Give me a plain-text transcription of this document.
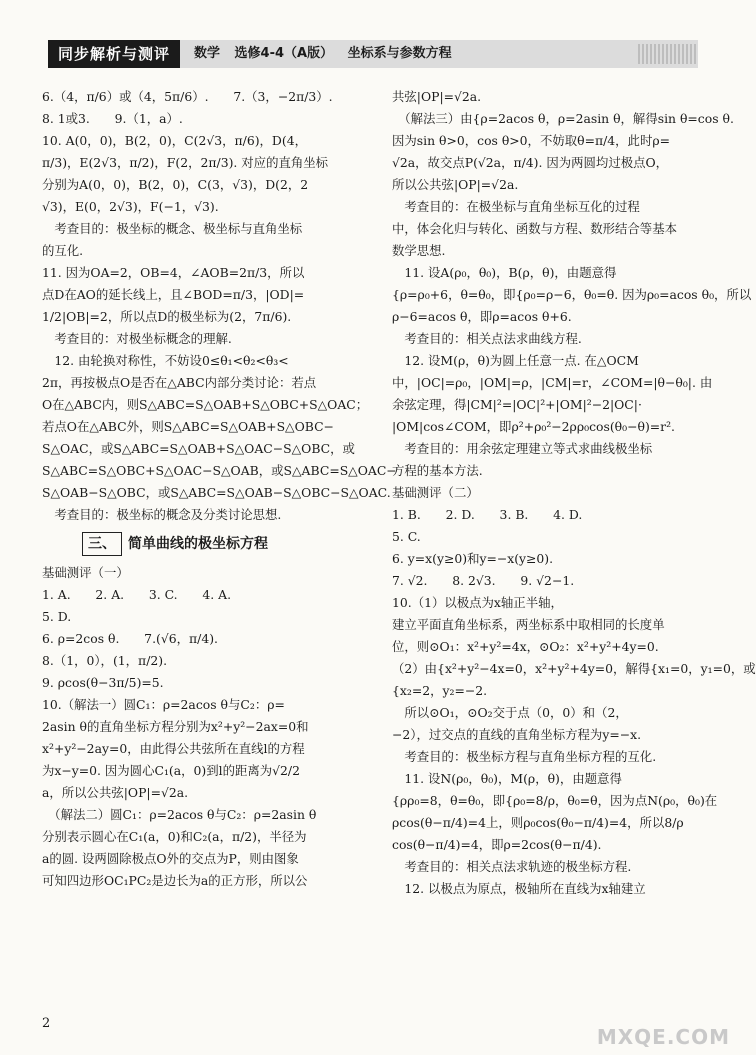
同步解析与测评	数学 选修4-4（A版） 坐标系与参数方程
6.（4，π/6）或（4，5π/6）.　　7.（3，−2π/3）.
8. 1或3.　　9.（1，a）.
10. A(0，0)，B(2，0)，C(2√3，π/6)，D(4，
π/3)，E(2√3，π/2)，F(2，2π/3). 对应的直角坐标
分别为A(0，0)，B(2，0)，C(3，√3)，D(2，2
√3)，E(0，2√3)，F(−1，√3).
　考查目的：极坐标的概念、极坐标与直角坐标
的互化.
11. 因为OA=2，OB=4，∠AOB=2π/3，所以
点D在AO的延长线上，且∠BOD=π/3，|OD|=
1/2|OB|=2，所以点D的极坐标为(2，7π/6).
　考查目的：对极坐标概念的理解.
　12. 由轮换对称性，不妨设0≤θ₁<θ₂<θ₃<
2π，再按极点O是否在△ABC内部分类讨论：若点
O在△ABC内，则S△ABC=S△OAB+S△OBC+S△OAC；
若点O在△ABC外，则S△ABC=S△OAB+S△OBC−
S△OAC，或S△ABC=S△OAB+S△OAC−S△OBC，或
S△ABC=S△OBC+S△OAC−S△OAB，或S△ABC=S△OAC−
S△OAB−S△OBC，或S△ABC=S△OAB−S△OBC−S△OAC.
　考查目的：极坐标的概念及分类讨论思想.
三、 简单曲线的极坐标方程
基础测评（一）
1. A.　　2. A.　　3. C.　　4. A.
5. D.
6. ρ=2cos θ.　　7.(√6，π/4).
8.（1，0），(1，π/2).
9. ρcos(θ−3π/5)=5.
10.（解法一）圆C₁：ρ=2acos θ与C₂：ρ=
2asin θ的直角坐标方程分别为x²+y²−2ax=0和
x²+y²−2ay=0，由此得公共弦所在直线l的方程
为x−y=0. 因为圆心C₁(a，0)到l的距离为√2/2
a，所以公共弦|OP|=√2a.
　（解法二）圆C₁：ρ=2acos θ与C₂：ρ=2asin θ
分别表示圆心在C₁(a，0)和C₂(a，π/2)，半径为
a的圆. 设两圆除极点O外的交点为P，则由图象
可知四边形OC₁PC₂是边长为a的正方形，所以公
共弦|OP|=√2a.
　（解法三）由{ρ=2acos θ，ρ=2asin θ，解得sin θ=cos θ.
因为sin θ>0，cos θ>0，不妨取θ=π/4，此时ρ=
√2a，故交点P(√2a，π/4). 因为两圆均过极点O，
所以公共弦|OP|=√2a.
　考查目的：在极坐标与直角坐标互化的过程
中，体会化归与转化、函数与方程、数形结合等基本
数学思想.
　11. 设A(ρ₀，θ₀)，B(ρ，θ)，由题意得
{ρ=ρ₀+6，θ=θ₀，即{ρ₀=ρ−6，θ₀=θ. 因为ρ₀=acos θ₀，所以
ρ−6=acos θ，即ρ=acos θ+6.
　考查目的：相关点法求曲线方程.
　12. 设M(ρ，θ)为圆上任意一点. 在△OCM
中，|OC|=ρ₀，|OM|=ρ，|CM|=r，∠COM=|θ−θ₀|. 由
余弦定理，得|CM|²=|OC|²+|OM|²−2|OC|·
|OM|cos∠COM，即ρ²+ρ₀²−2ρρ₀cos(θ₀−θ)=r².
　考查目的：用余弦定理建立等式求曲线极坐标
方程的基本方法.
基础测评（二）
1. B.　　2. D.　　3. B.　　4. D.
5. C.
6. y=x(y≥0)和y=−x(y≥0).
7. √2.　　8. 2√3.　　9. √2−1.
10.（1）以极点为x轴正半轴，
建立平面直角坐标系，两坐标系中取相同的长度单
位，则⊙O₁：x²+y²=4x，⊙O₂：x²+y²+4y=0.
（2）由{x²+y²−4x=0，x²+y²+4y=0，解得{x₁=0，y₁=0，或
{x₂=2，y₂=−2.
　所以⊙O₁，⊙O₂交于点（0，0）和（2，
−2），过交点的直线的直角坐标方程为y=−x.
　考查目的：极坐标方程与直角坐标方程的互化.
　11. 设N(ρ₀，θ₀)，M(ρ，θ)，由题意得
{ρρ₀=8，θ=θ₀，即{ρ₀=8/ρ，θ₀=θ，因为点N(ρ₀，θ₀)在
ρcos(θ−π/4)=4上，则ρ₀cos(θ₀−π/4)=4，所以8/ρ
cos(θ−π/4)=4，即ρ=2cos(θ−π/4).
　考查目的：相关点法求轨迹的极坐标方程.
　12. 以极点为原点，极轴所在直线为x轴建立
2
MXQE.COM
